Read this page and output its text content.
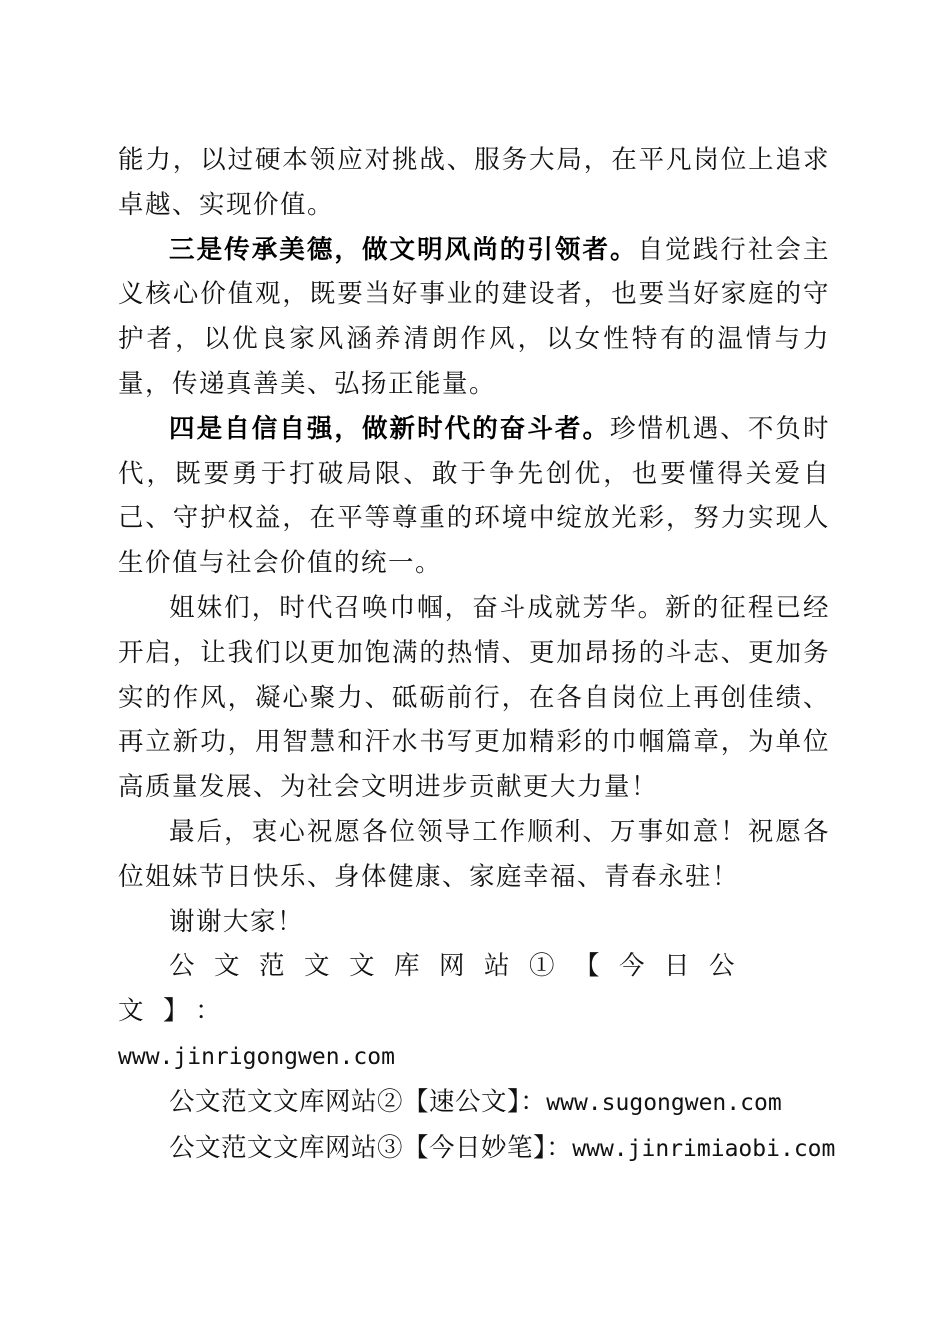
能力，以过硬本领应对挑战、服务大局，在平凡岗位上追求卓越、实现价值。

三是传承美德，做文明风尚的引领者。自觉践行社会主义核心价值观，既要当好事业的建设者，也要当好家庭的守护者，以优良家风涵养清朗作风，以女性特有的温情与力量，传递真善美、弘扬正能量。

四是自信自强，做新时代的奋斗者。珍惜机遇、不负时代，既要勇于打破局限、敢于争先创优，也要懂得关爱自己、守护权益，在平等尊重的环境中绽放光彩，努力实现人生价值与社会价值的统一。

姐妹们，时代召唤巾帼，奋斗成就芳华。新的征程已经开启，让我们以更加饱满的热情、更加昂扬的斗志、更加务实的作风，凝心聚力、砥砺前行，在各自岗位上再创佳绩、再立新功，用智慧和汗水书写更加精彩的巾帼篇章，为单位高质量发展、为社会文明进步贡献更大力量！

最后，衷心祝愿各位领导工作顺利、万事如意！祝愿各位姐妹节日快乐、身体健康、家庭幸福、青春永驻！

谢谢大家！

公文范文文库网站①【今日公文】：
www.jinrigongwen.com

公文范文文库网站②【速公文】：www.sugongwen.com

公文范文文库网站③【今日妙笔】：www.jinrimiaobi.com
